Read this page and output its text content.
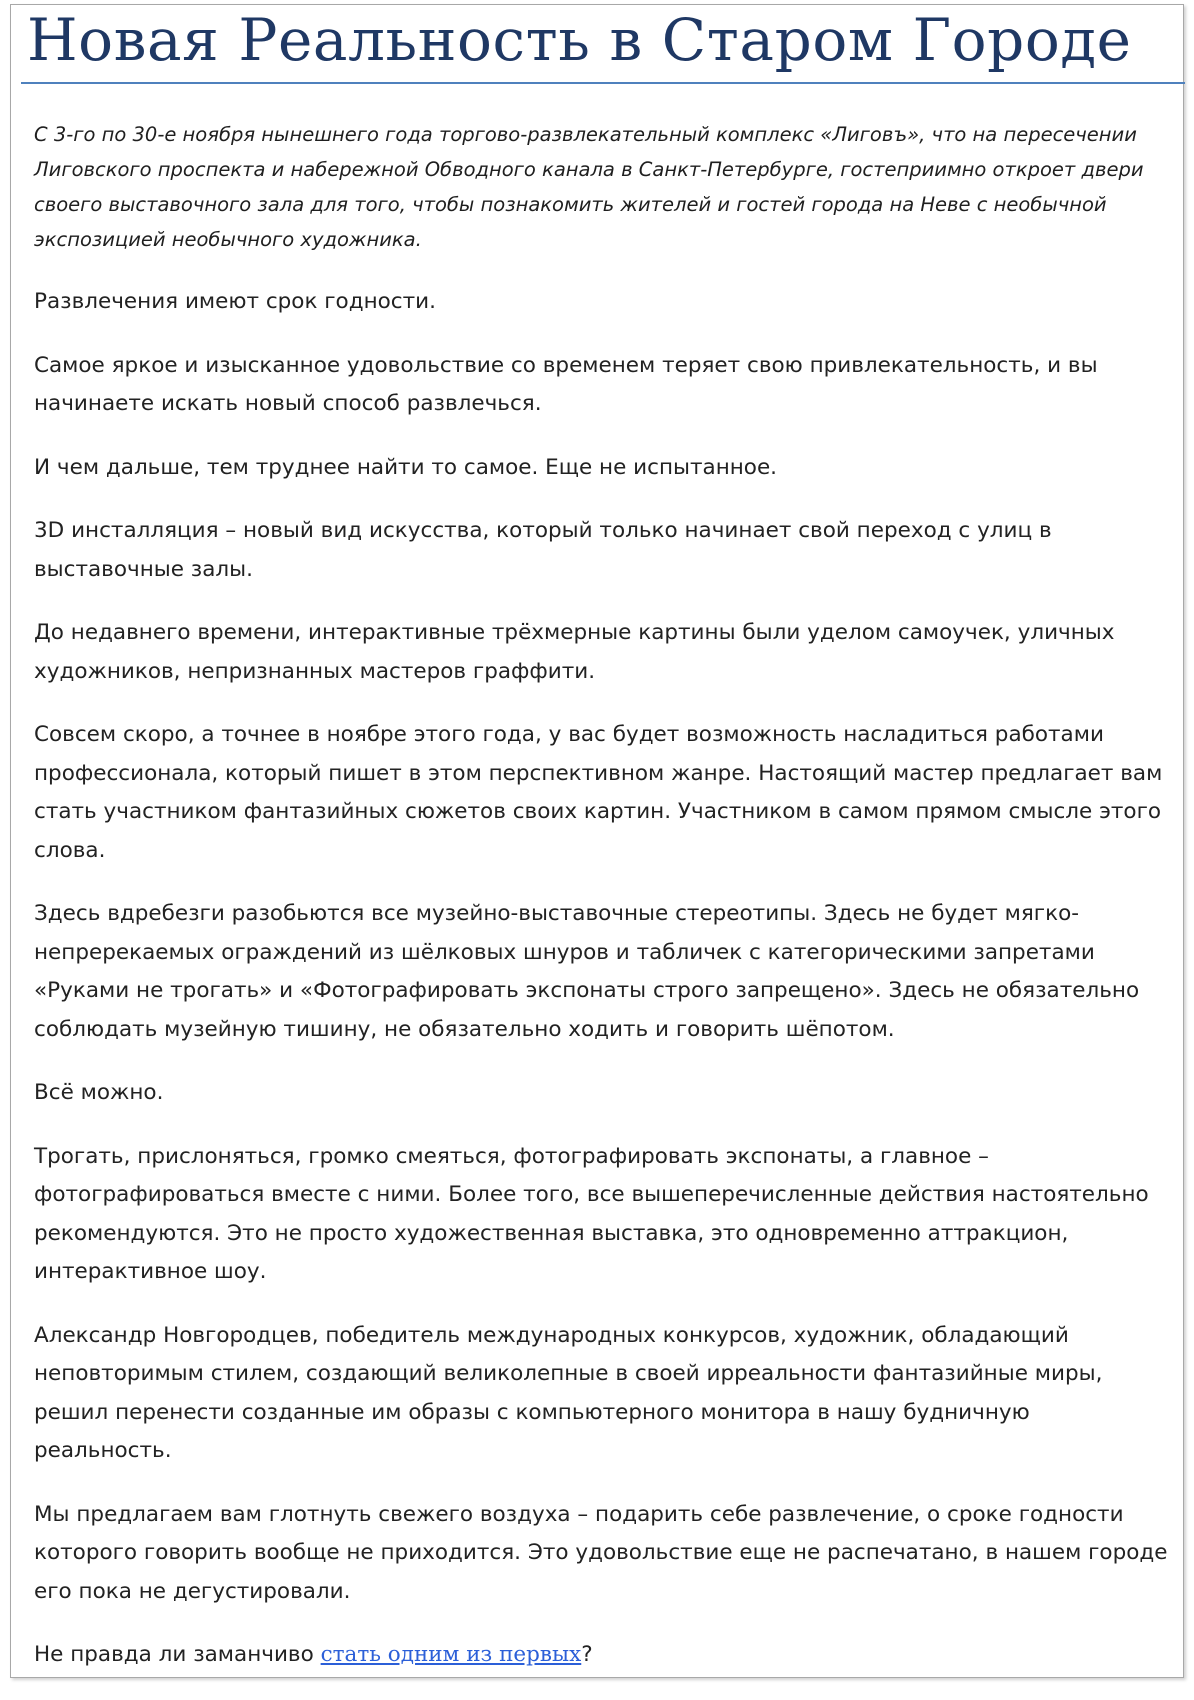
Новая Реальность в Старом Городе

С 3-го по 30-е ноября нынешнего года торгово-развлекательный комплекс «Лиговъ», что на пересечении Лиговского проспекта и набережной Обводного канала в Санкт-Петербурге, гостеприимно откроет двери своего выставочного зала для того, чтобы познакомить жителей и гостей города на Неве с необычной экспозицией необычного художника.

Развлечения имеют срок годности.

Самое яркое и изысканное удовольствие со временем теряет свою привлекательность, и вы начинаете искать новый способ развлечься.

И чем дальше, тем труднее найти то самое. Еще не испытанное.

3D инсталляция – новый вид искусства, который только начинает свой переход с улиц в выставочные залы.

До недавнего времени, интерактивные трёхмерные картины были уделом самоучек, уличных художников, непризнанных мастеров граффити.

Совсем скоро, а точнее в ноябре этого года, у вас будет возможность насладиться работами профессионала, который пишет в этом перспективном жанре. Настоящий мастер предлагает вам стать участником фантазийных сюжетов своих картин. Участником в самом прямом смысле этого слова.

Здесь вдребезги разобьются все музейно-выставочные стереотипы. Здесь не будет мягко-непререкаемых ограждений из шёлковых шнуров и табличек с категорическими запретами «Руками не трогать» и «Фотографировать экспонаты строго запрещено». Здесь не обязательно соблюдать музейную тишину, не обязательно ходить и говорить шёпотом.

Всё можно.

Трогать, прислоняться, громко смеяться, фотографировать экспонаты, а главное – фотографироваться вместе с ними. Более того, все вышеперечисленные действия настоятельно рекомендуются. Это не просто художественная выставка, это одновременно аттракцион, интерактивное шоу.

Александр Новгородцев, победитель международных конкурсов, художник, обладающий неповторимым стилем, создающий великолепные в своей ирреальности фантазийные миры, решил перенести созданные им образы с компьютерного монитора в нашу будничную реальность.

Мы предлагаем вам глотнуть свежего воздуха – подарить себе развлечение, о сроке годности которого говорить вообще не приходится. Это удовольствие еще не распечатано, в нашем городе его пока не дегустировали.

Не правда ли заманчиво стать одним из первых?
